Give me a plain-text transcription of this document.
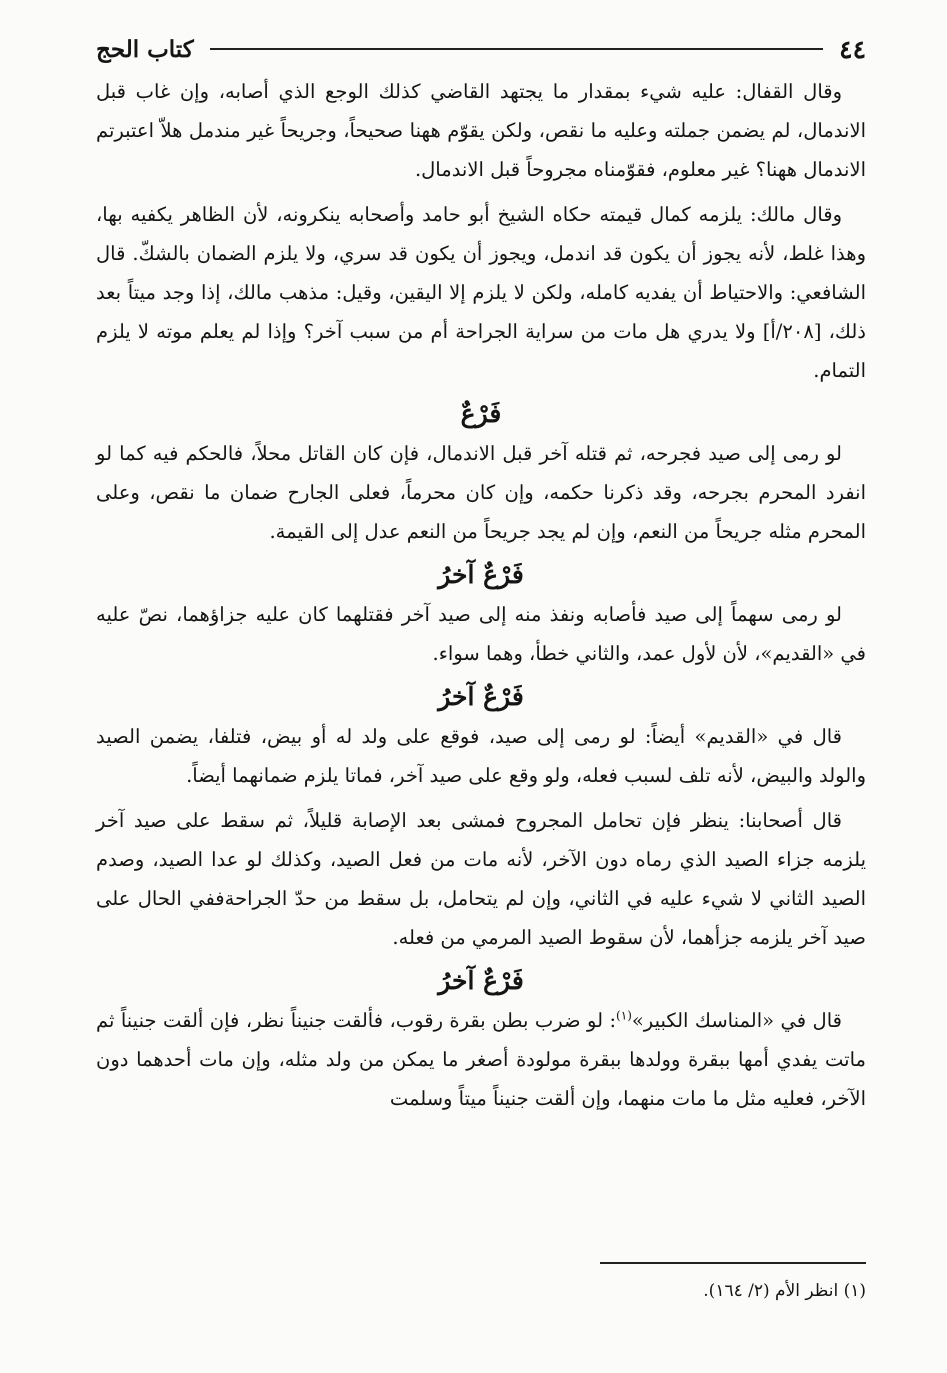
٤٤
كتاب الحج

وقال القفال: عليه شيء بمقدار ما يجتهد القاضي كذلك الوجع الذي أصابه، وإن غاب قبل الاندمال، لم يضمن جملته وعليه ما نقص، ولكن يقوّم ههنا صحيحاً، وجريحاً غير مندمل هلاّ اعتبرتم الاندمال ههنا؟ غير معلوم، فقوّمناه مجروحاً قبل الاندمال.

وقال مالك: يلزمه كمال قيمته حكاه الشيخ أبو حامد وأصحابه ينكرونه، لأن الظاهر يكفيه بها، وهذا غلط، لأنه يجوز أن يكون قد اندمل، ويجوز أن يكون قد سري، ولا يلزم الضمان بالشكّ. قال الشافعي: والاحتياط أن يفديه كامله، ولكن لا يلزم إلا اليقين، وقيل: مذهب مالك، إذا وجد ميتاً بعد ذلك، [٢٠٨/أ] ولا يدري هل مات من سراية الجراحة أم من سبب آخر؟ وإذا لم يعلم موته لا يلزم التمام.

فَرْعٌ

لو رمى إلى صيد فجرحه، ثم قتله آخر قبل الاندمال، فإن كان القاتل محلاً، فالحكم فيه كما لو انفرد المحرم بجرحه، وقد ذكرنا حكمه، وإن كان محرماً، فعلى الجارح ضمان ما نقص، وعلى المحرم مثله جريحاً من النعم، وإن لم يجد جريحاً من النعم عدل إلى القيمة.

فَرْعٌ آخرُ

لو رمى سهماً إلى صيد فأصابه ونفذ منه إلى صيد آخر فقتلهما كان عليه جزاؤهما، نصّ عليه في «القديم»، لأن لأول عمد، والثاني خطأ، وهما سواء.

فَرْعٌ آخرُ

قال في «القديم» أيضاً: لو رمى إلى صيد، فوقع على ولد له أو بيض، فتلفا، يضمن الصيد والولد والبيض، لأنه تلف لسبب فعله، ولو وقع على صيد آخر، فماتا يلزم ضمانهما أيضاً.

قال أصحابنا: ينظر فإن تحامل المجروح فمشى بعد الإصابة قليلاً، ثم سقط على صيد آخر يلزمه جزاء الصيد الذي رماه دون الآخر، لأنه مات من فعل الصيد، وكذلك لو عدا الصيد، وصدم الصيد الثاني لا شيء عليه في الثاني، وإن لم يتحامل، بل سقط من حدّ الجراحةففي الحال على صيد آخر يلزمه جزأهما، لأن سقوط الصيد المرمي من فعله.

فَرْعٌ آخرُ

قال في «المناسك الكبير»$^{(١)}$: لو ضرب بطن بقرة رقوب، فألقت جنيناً نظر، فإن ألقت جنيناً ثم ماتت يفدي أمها ببقرة وولدها ببقرة مولودة أصغر ما يمكن من ولد مثله، وإن مات أحدهما دون الآخر، فعليه مثل ما مات منهما، وإن ألقت جنيناً ميتاً وسلمت

(١) انظر الأم (٢/ ١٦٤).
